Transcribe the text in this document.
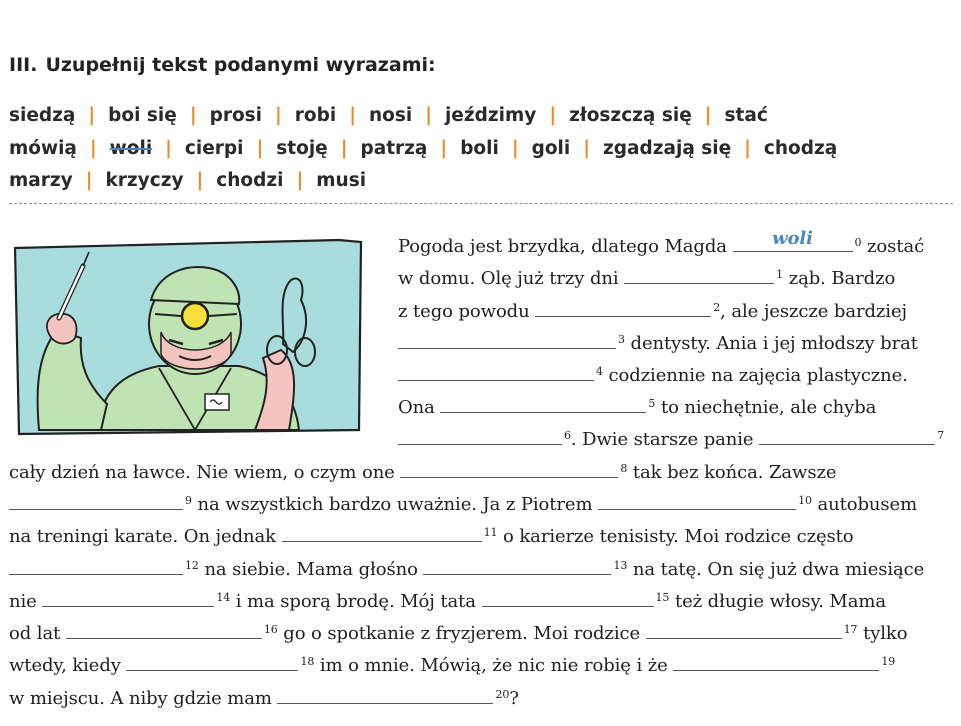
III. Uzupełnij tekst podanymi wyrazami:
siedzą | boi się | prosi | robi | nosi | jeździmy | złoszczą się | stać
mówią | woli | cierpi | stoję | patrzą | boli | goli | zgadzają się | chodzą
marzy | krzyczy | chodzi | musi
Pogoda jest brzydka, dlatego Magda	woli	$^0$ zostać
w domu. Olę już trzy dni	$^1$ ząb. Bardzo
z tego powodu	$^2$, ale jeszcze bardziej
$^3$ dentysty. Ania i jej młodszy brat
$^4$ codziennie na zajęcia plastyczne.
Ona	$^5$ to niechętnie, ale chyba
$^6$. Dwie starsze panie	$^7$
cały dzień na ławce. Nie wiem, o czym one	$^8$ tak bez końca. Zawsze
$^9$ na wszystkich bardzo uważnie. Ja z Piotrem	$^{10}$ autobusem
na treningi karate. On jednak	$^{11}$ o karierze tenisisty. Moi rodzice często
$^{12}$ na siebie. Mama głośno	$^{13}$ na tatę. On się już dwa miesiące
nie	$^{14}$ i ma sporą brodę. Mój tata	$^{15}$ też długie włosy. Mama
od lat	$^{16}$ go o spotkanie z fryzjerem. Moi rodzice	$^{17}$ tylko
wtedy, kiedy	$^{18}$ im o mnie. Mówią, że nic nie robię i że	$^{19}$
w miejscu. A niby gdzie mam	$^{20}$?
